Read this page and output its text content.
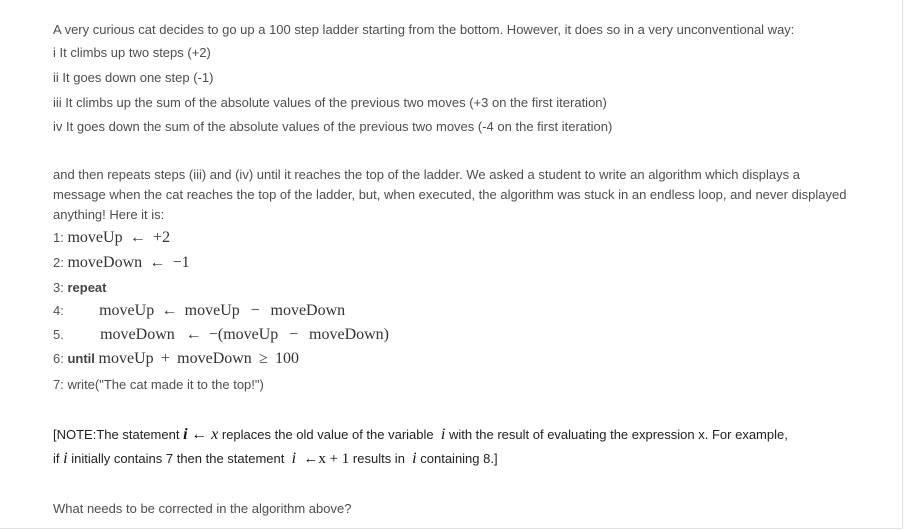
A very curious cat decides to go up a 100 step ladder starting from the bottom. However, it does so in a very unconventional way:
i It climbs up two steps (+2)
ii It goes down one step (-1)
iii It climbs up the sum of the absolute values of the previous two moves (+3 on the first iteration)
iv It goes down the sum of the absolute values of the previous two moves (-4 on the first iteration)
and then repeats steps (iii) and (iv) until it reaches the top of the ladder. We asked a student to write an algorithm which displays a message when the cat reaches the top of the ladder, but, when executed, the algorithm was stuck in an endless loop, and never displayed anything! Here it is:
1: moveUp ← +2
2: moveDown ← −1
3: repeat
4: moveUp ← moveUp − moveDown
5. moveDown ← −(moveUp − moveDown)
6: until moveUp + moveDown ≥ 100
7: write("The cat made it to the top!")
[NOTE:The statement i ← x replaces the old value of the variable i with the result of evaluating the expression x. For example,
if i initially contains 7 then the statement i ←x + 1 results in i containing 8.]
What needs to be corrected in the algorithm above?
